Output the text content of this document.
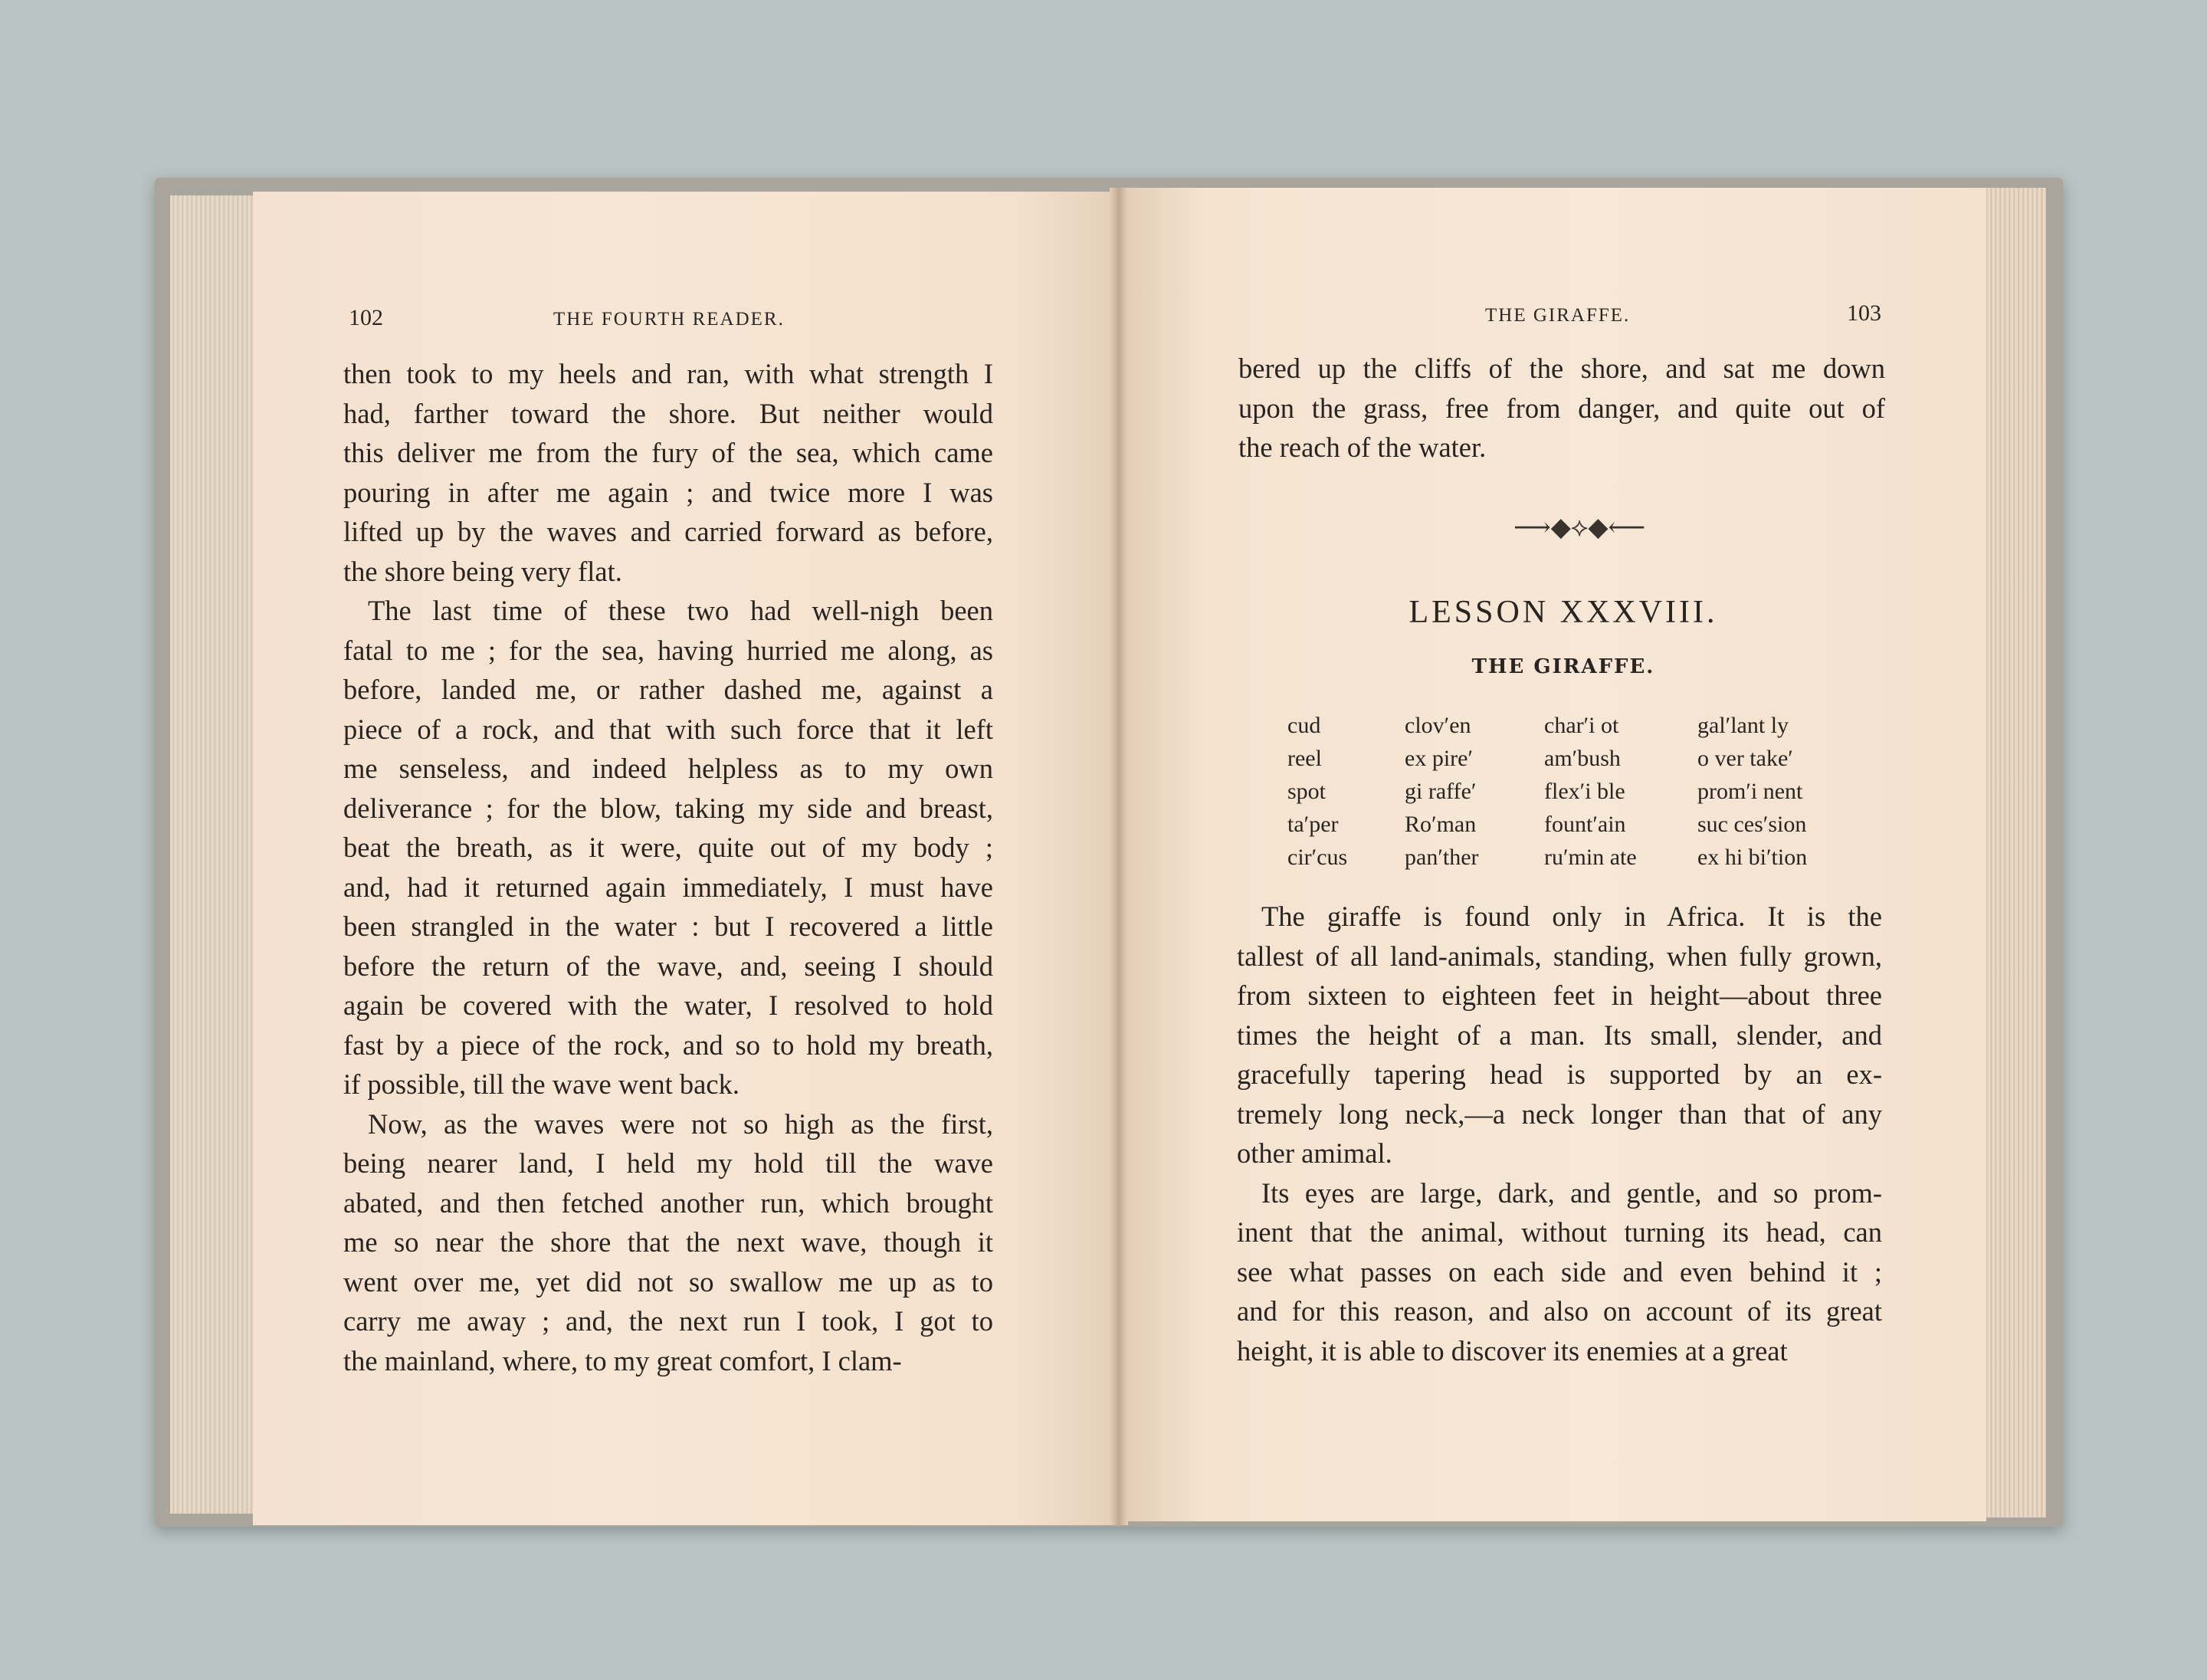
102	THE FOURTH READER.

then took to my heels and ran, with what strength I

had, farther toward the shore. But neither would

this deliver me from the fury of the sea, which came

pouring in after me again ; and twice more I was

lifted up by the waves and carried forward as before,

the shore being very flat.

The last time of these two had well-nigh been

fatal to me ; for the sea, having hurried me along, as

before, landed me, or rather dashed me, against a

piece of a rock, and that with such force that it left

me senseless, and indeed helpless as to my own

deliverance ; for the blow, taking my side and breast,

beat the breath, as it were, quite out of my body ;

and, had it returned again immediately, I must have

been strangled in the water : but I recovered a little

before the return of the wave, and, seeing I should

again be covered with the water, I resolved to hold

fast by a piece of the rock, and so to hold my breath,

if possible, till the wave went back.

Now, as the waves were not so high as the first,

being nearer land, I held my hold till the wave

abated, and then fetched another run, which brought

me so near the shore that the next wave, though it

went over me, yet did not so swallow me up as to

carry me away ; and, the next run I took, I got to

the mainland, where, to my great comfort, I clam-

THE GIRAFFE.	103

bered up the cliffs of the shore, and sat me down

upon the grass, free from danger, and quite out of

the reach of the water.

⟶◆⟡◆⟵
LESSON XXXVIII.
THE GIRAFFE.
cud	clov′en	char′i ot	gal′lant ly
reel	ex pire′	am′bush	o ver take′
spot	gi raffe′	flex′i ble	prom′i nent
ta′per	Ro′man	fount′ain	suc ces′sion
cir′cus	pan′ther	ru′min ate	ex hi bi′tion

The giraffe is found only in Africa. It is the

tallest of all land-animals, standing, when fully grown,

from sixteen to eighteen feet in height—about three

times the height of a man. Its small, slender, and

gracefully tapering head is supported by an ex-

tremely long neck,—a neck longer than that of any

other amimal.

Its eyes are large, dark, and gentle, and so prom-

inent that the animal, without turning its head, can

see what passes on each side and even behind it ;

and for this reason, and also on account of its great

height, it is able to discover its enemies at a great
